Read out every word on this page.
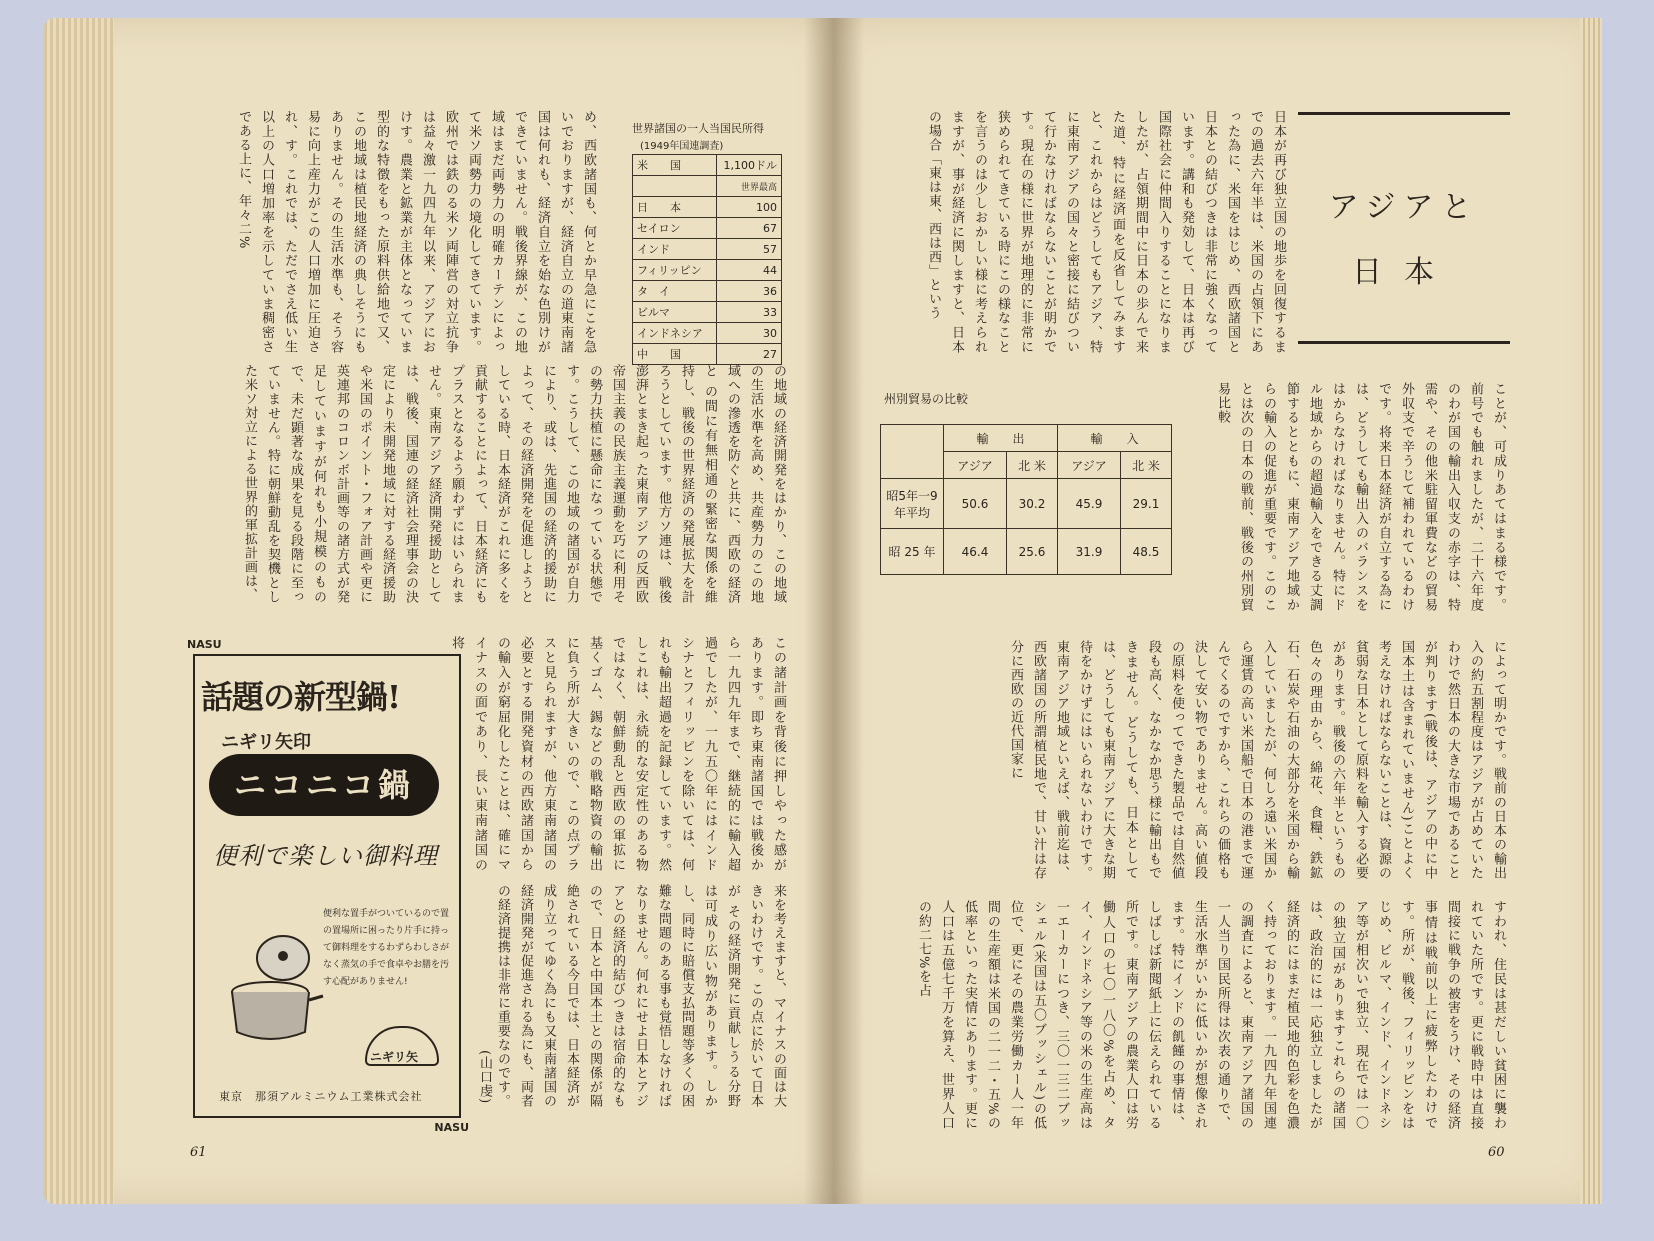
アジアと
日本
日本が再び独立国の地歩を回復するまでの過去六年半は、米国の占領下にあった為に、米国をはじめ、西欧諸国と日本との結びつきは非常に強くなっています。講和も発効して、日本は再び国際社会に仲間入りすることになりましたが、占領期間中に日本の歩んで来た道、特に経済面を反省してみますと、これからはどうしてもアジア、特に東南アジアの国々と密接に結びついて行かなければならないことが明かです。現在の様に世界が地理的に非常に狭められてきている時にこの様なことを言うのは少しおかしい様に考えられますが、事が経済に関しますと、日本の場合「東は東、西は西」という
ことが、可成りあてはまる様です。前号でも触れましたが、二十六年度のわが国の輸出入収支の赤字は、特需や、その他米駐留軍費などの貿易外収支で辛うじて補われているわけです。将来日本経済が自立する為には、どうしても輸出入のバランスをはからなければなりません。特にドル地域からの超過輸入をできる丈調節するとともに、東南アジア地域からの輸入の促進が重要です。このことは次の日本の戦前、戦後の州別貿易比較
州別貿易の比較
	輸　　出		輸　　入	
	アジア	北 米	アジア	北 米
昭5年一9年平均	50.6	30.2	45.9	29.1
昭 25 年	46.4	25.6	31.9	48.5
によって明かです。戦前の日本の輸出入の約五割程度はアジアが占めていたわけで然日本の大きな市場であることが判ります(戦後は、アジアの中に中国本土は含まれていません)ことよく考えなければならないことは、資源の貧弱な日本として原料を輸入する必要があります。戦後の六年半というもの色々の理由から、綿花、食糧、鉄鉱石、石炭や石油の大部分を米国から輸入していましたが、何しろ遠い米国から運賃の高い米国船で日本の港まで運んでくるのですから、これらの価格も決して安い物でありません。高い値段の原料を使ってできた製品では自然値段も高く、なかなか思う様に輸出もできません。どうしても、日本としては、どうしても東南アジアに大きな期待をかけずにはいられないわけです。東南アジア地域といえば、戦前迄は、西欧諸国の所謂植民地で、甘い汁は存分に西欧の近代国家に
すわれ、住民は甚だしい貧困に襲われていた所です。更に戦時中は直接間接に戦争の被害をうけ、その経済事情は戦前以上に疲弊したわけです。所が、戦後、フィリッピンをはじめ、ビルマ、インド、インドネシア等が相次いで独立、現在では一〇の独立国がありますこれらの諸国は、政治的には一応独立しましたが経済的にはまだ植民地的色彩を色濃く持っております。一九四九年国連の調査によると、東南アジア諸国の一人当り国民所得は次表の通りで、生活水準がいかに低いかが想像されます。特にインドの飢饉の事情は、しばしば新聞紙上に伝えられている所です。東南アジアの農業人口は労働人口の七〇一八〇%を占め、タイ、インドネシア等の米の生産高は一エーカーにつき、三〇一三二ブッシェル(米国は五〇ブッシェル)の低位で、更にその農業労働カー人一年間の生産額は米国の二一二・五%の低率といった実情にあります。更に人口は五億七千万を算え、世界人口の約二七%を占
60
世界諸国の一人当国民所得
(1949年国連調査)
米　　国	1,100ドル
	世界最高
日　　本	100
セイロン	67
インド	57
フィリッピン	44
タ　イ	36
ビルマ	33
インドネシア	30
中　　国	27
め、西欧諸国も、何とか早急にこを急いでおりますが、経済自立の道東南諸国は何れも、経済自立を始な色別けができていません。戦後界線が、この地域はまだ両勢力の明確カーテンによって米ソ両勢力の境化してきています。欧州では鉄のる米ソ両陣営の対立抗争は益々激一九四九年以来、アジアにおけす。農業と鉱業が主体となっていま型的な特徴をもった原料供給地で又、この地域は植民地経済の典しそうにもありません。その生活水準も、そう容易に向上産力がこの人口増加に圧迫され、す。これでは、ただでさえ低い生以上の人口増加率を示していま稠密さである上に、年々二%
の地域の経済開発をはかり、この地域の生活水準を高め、共産勢力のこの地域への滲透を防ぐと共に、西欧の経済と の間に有無相通の緊密な関係を維持し、戦後の世界経済の発展拡大を計ろうとしています。他方ソ連は、戦後澎湃とまき起った東南アジアの反西欧帝国主義の民族主義運動を巧に利用その勢力扶植に懸命になっている状態です。こうして、この地域の諸国が自力により、或は、先進国の経済的援助によって、その経済開発を促進しようとしている時、日本経済がこれに多くを貢献することによって、日本経済にもプラスとなるよう願わずにはいられません。東南アジア経済開発援助としては、戦後、国連の経済社会理事会の決定により未開発地域に対する経済援助や米国のポイント・フォア計画や更に英連邦のコロンボ計画等の諸方式が発足していますが何れも小規模のもので、未だ顕著な成果を見る段階に至っていません。特に朝鮮動乱を契機とした米ソ対立による世界的軍拡計画は、
この諸計画を背後に押しやった感があります。即ち東南諸国では戦後から一九四九年まで、継続的に輸入超過でしたが、一九五〇年にはインドシナとフィリッピンを除いては、何れも輸出超過を記録しています。然しこれは、永続的な安定性のある物ではなく、朝鮮動乱と西欧の軍拡に基くゴム、錫などの戦略物資の輸出に負う所が大きいので、この点プラスと見られますが、他方東南諸国の必要とする開発資材の西欧諸国からの輸入が窮屈化したことは、確にマイナスの面であり、長い東南諸国の将
来を考えますと、マイナスの面は大きいわけです。この点に於いて日本が その経済開発に貢献しうる分野は可成り広い物があります。しかし、同時に賠償支払問題等多くの困難な問題のある事も覚悟しなければなりません。何れにせよ日本とアジアとの経済的結びつきは宿命的なもので、日本と中国本土との関係が隔絶されている今日では、日本経済が成り立ってゆく為にも又東南諸国の経済開発が促進される為にも、両者の経済提携は非常に重要なのです。
(山口虔)
NASU
話題の新型鍋!
ニギリ矢印
ニコニコ鍋
便利で楽しい御料理
便利な置手がついているので置の置場所に困ったり片手に持って御料理をするわずらわしさがなく蒸気の手で食卓やお膳を汚す心配がありません!
ニギリ矢
東京　那須アルミニウム工業株式会社
NASU
61
